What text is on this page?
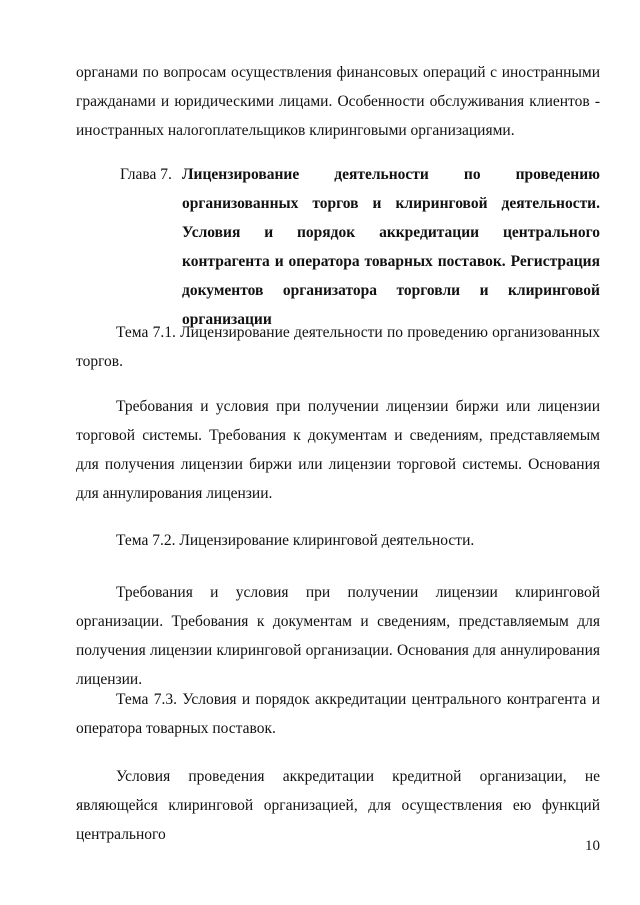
органами по вопросам осуществления финансовых операций с иностранными гражданами и юридическими лицами. Особенности обслуживания клиентов - иностранных налогоплательщиков клиринговыми организациями.

Глава 7. Лицензирование деятельности по проведению организованных торгов и клиринговой деятельности. Условия и порядок аккредитации центрального контрагента и оператора товарных поставок. Регистрация документов организатора торговли и клиринговой организации

Тема 7.1. Лицензирование деятельности по проведению организованных торгов.

Требования и условия при получении лицензии биржи или лицензии торговой системы. Требования к документам и сведениям, представляемым для получения лицензии биржи или лицензии торговой системы. Основания для аннулирования лицензии.

Тема 7.2. Лицензирование клиринговой деятельности.

Требования и условия при получении лицензии клиринговой организации. Требования к документам и сведениям, представляемым для получения лицензии клиринговой организации. Основания для аннулирования лицензии.

Тема 7.3. Условия и порядок аккредитации центрального контрагента и оператора товарных поставок.

Условия проведения аккредитации кредитной организации, не являющейся клиринговой организацией, для осуществления ею функций центрального

10
